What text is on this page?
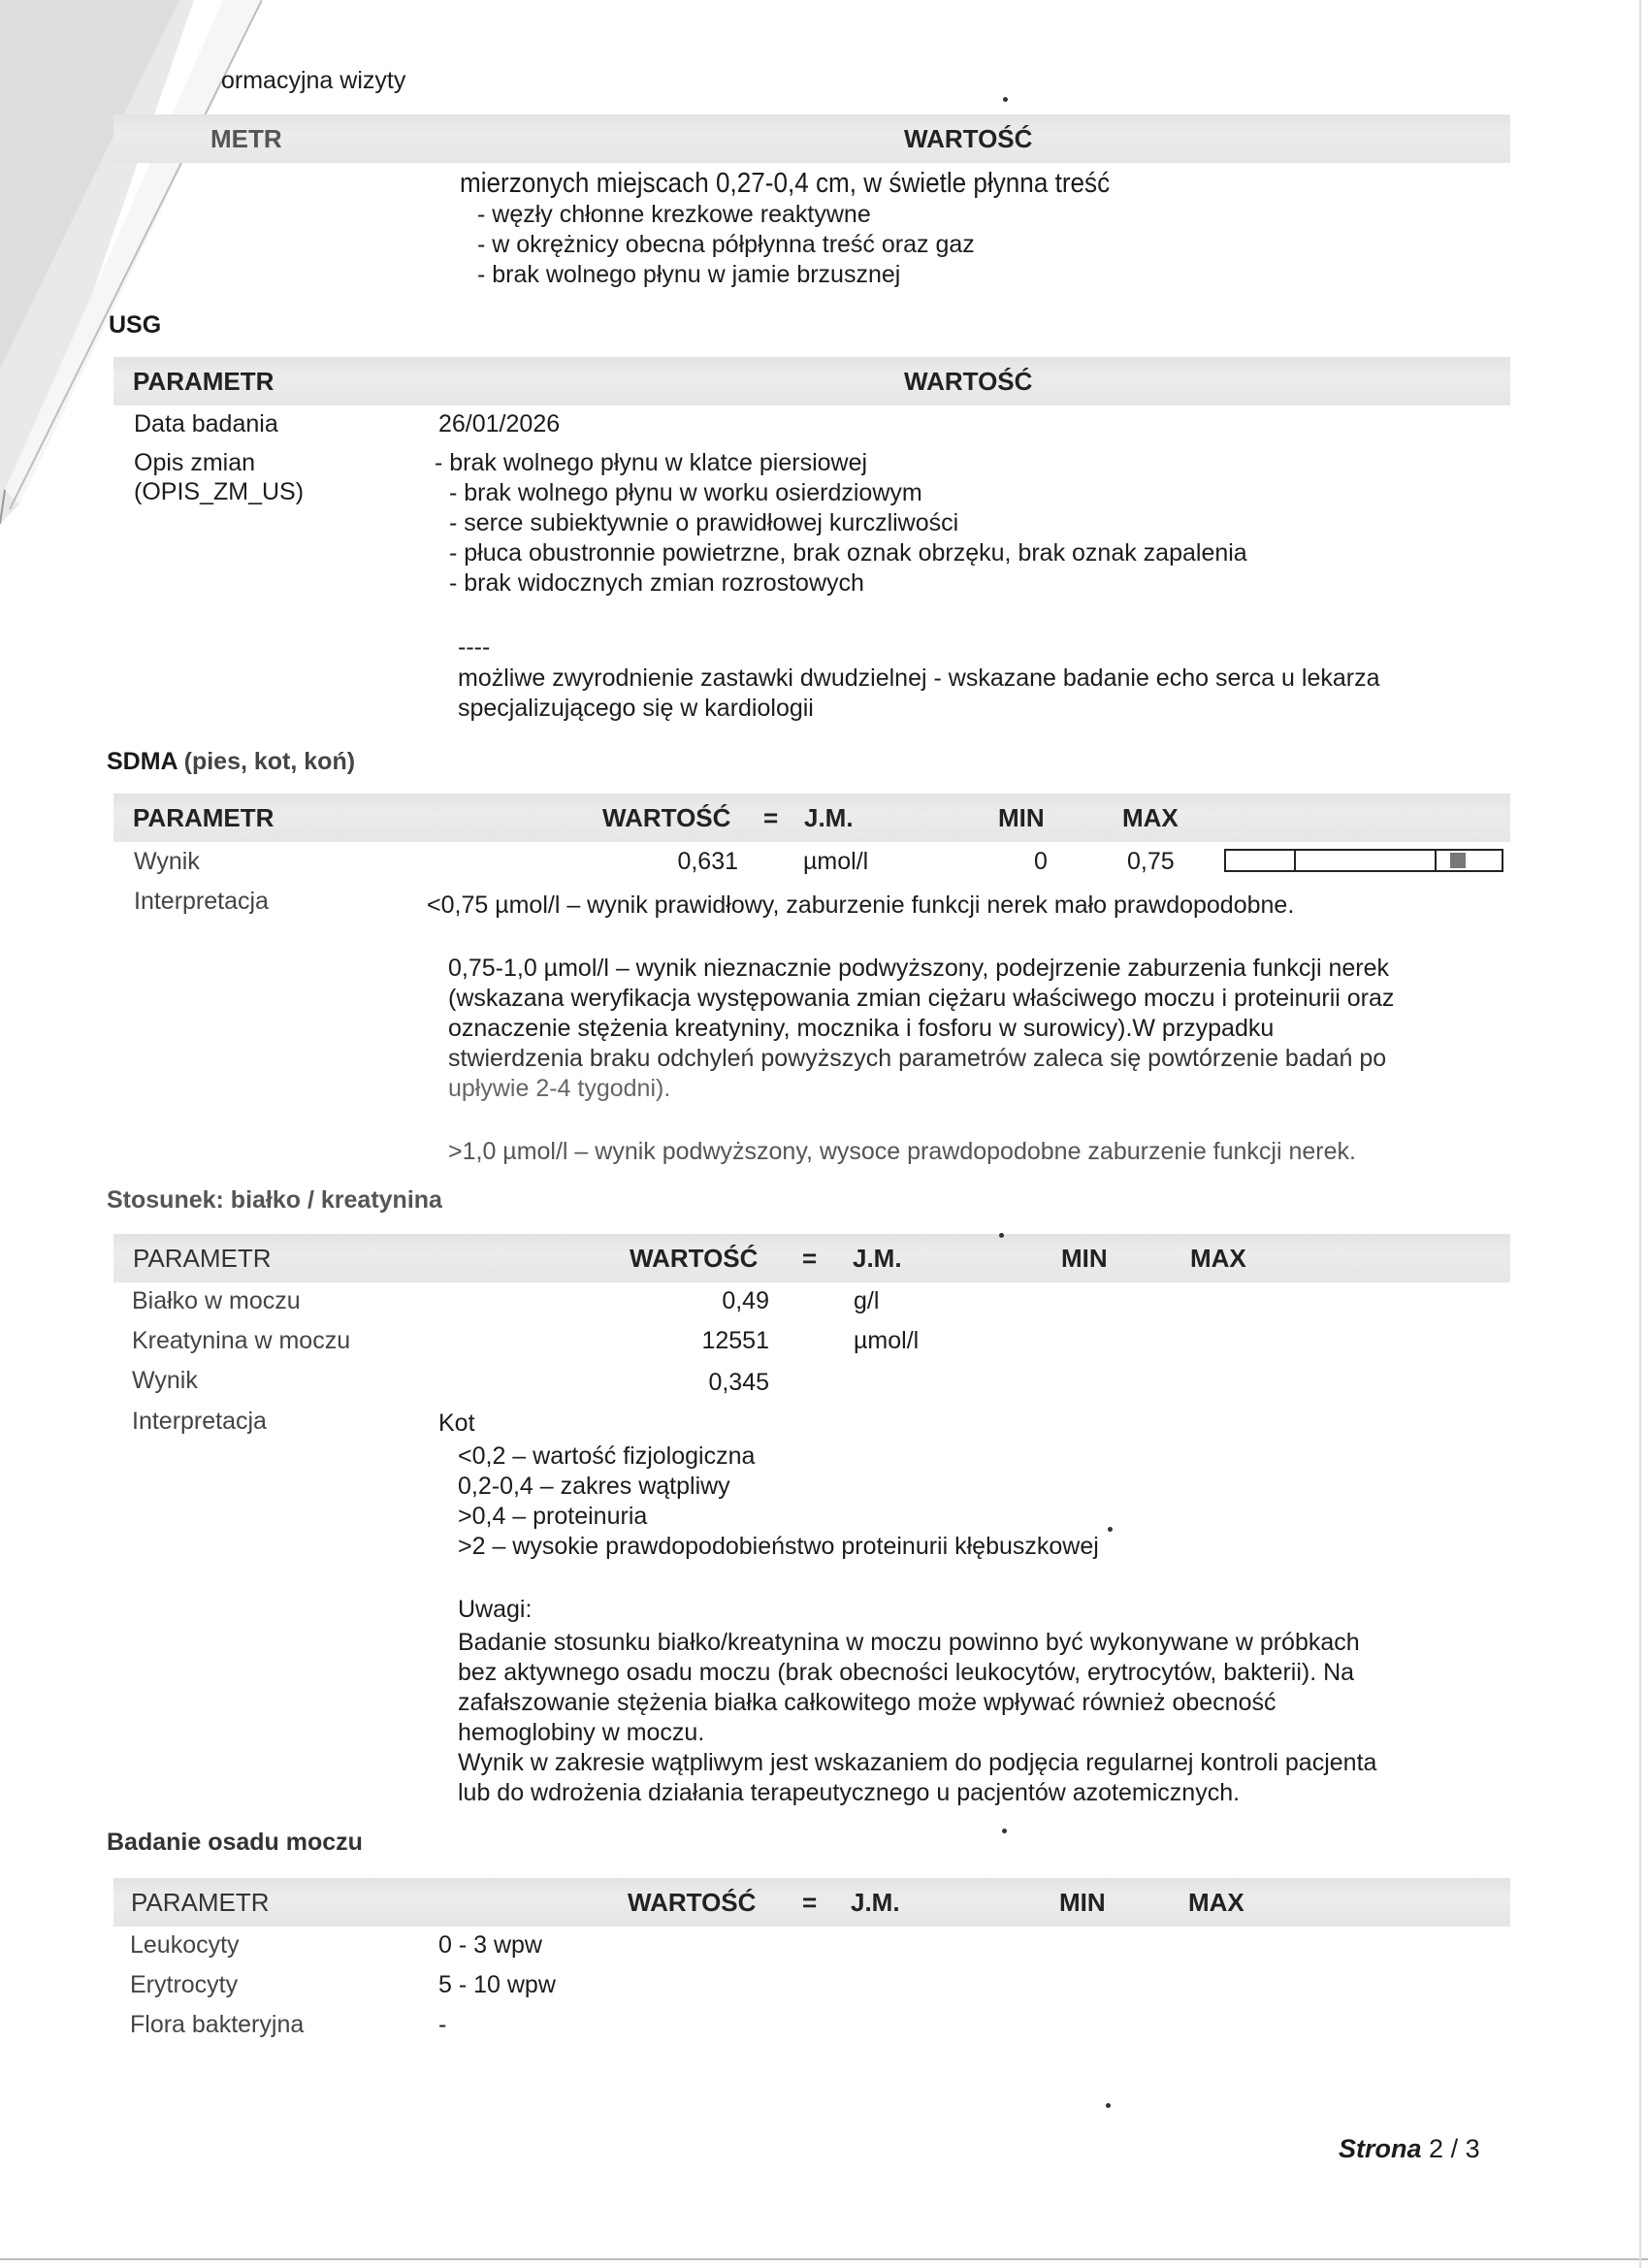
ormacyjna wizyty
METR	WARTOŚĆ
mierzonych miejscach 0,27-0,4 cm, w świetle płynna treść
- węzły chłonne krezkowe reaktywne
- w okrężnicy obecna półpłynna treść oraz gaz
- brak wolnego płynu w jamie brzusznej
USG
PARAMETR	WARTOŚĆ
Data badania	26/01/2026
Opis zmian
(OPIS_ZM_US)
- brak wolnego płynu w klatce piersiowej
- brak wolnego płynu w worku osierdziowym
- serce subiektywnie o prawidłowej kurczliwości
- płuca obustronnie powietrzne, brak oznak obrzęku, brak oznak zapalenia
- brak widocznych zmian rozrostowych
----
możliwe zwyrodnienie zastawki dwudzielnej - wskazane badanie echo serca u lekarza
specjalizującego się w kardiologii
SDMA (pies, kot, koń)
PARAMETR	WARTOŚĆ = J.M.	MIN	MAX
Wynik	0,631	µmol/l	0	0,75
Interpretacja	<0,75 µmol/l – wynik prawidłowy, zaburzenie funkcji nerek mało prawdopodobne.
0,75-1,0 µmol/l – wynik nieznacznie podwyższony, podejrzenie zaburzenia funkcji nerek
(wskazana weryfikacja występowania zmian ciężaru właściwego moczu i proteinurii oraz
oznaczenie stężenia kreatyniny, mocznika i fosforu w surowicy).W przypadku
stwierdzenia braku odchyleń powyższych parametrów zaleca się powtórzenie badań po
upływie 2-4 tygodni).
>1,0 µmol/l – wynik podwyższony, wysoce prawdopodobne zaburzenie funkcji nerek.
Stosunek: białko / kreatynina
PARAMETR	WARTOŚĆ = J.M.	MIN	MAX
Białko w moczu	0,49	g/l
Kreatynina w moczu	12551	µmol/l
Wynik	0,345
Interpretacja	Kot
<0,2 – wartość fizjologiczna
0,2-0,4 – zakres wątpliwy
>0,4 – proteinuria
>2 – wysokie prawdopodobieństwo proteinurii kłębuszkowej
Uwagi:
Badanie stosunku białko/kreatynina w moczu powinno być wykonywane w próbkach
bez aktywnego osadu moczu (brak obecności leukocytów, erytrocytów, bakterii). Na
zafałszowanie stężenia białka całkowitego może wpływać również obecność
hemoglobiny w moczu.
Wynik w zakresie wątpliwym jest wskazaniem do podjęcia regularnej kontroli pacjenta
lub do wdrożenia działania terapeutycznego u pacjentów azotemicznych.
Badanie osadu moczu
PARAMETR	WARTOŚĆ = J.M.	MIN	MAX
Leukocyty	0 - 3 wpw
Erytrocyty	5 - 10 wpw
Flora bakteryjna	-
Strona 2 / 3
